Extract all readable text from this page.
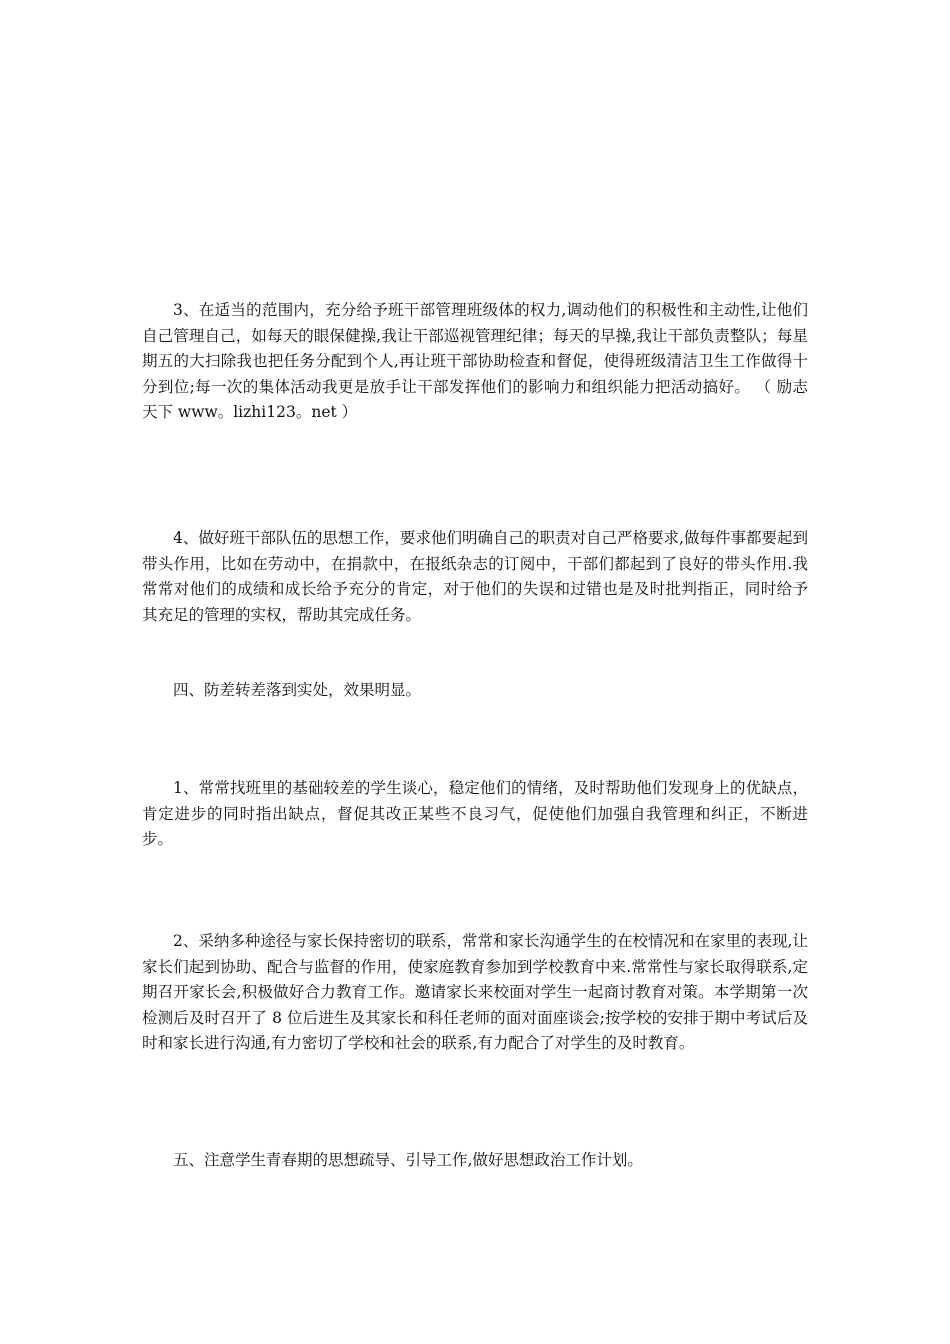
3、在适当的范围内，充分给予班干部管理班级体的权力,调动他们的积极性和主动性,让他们自己管理自己，如每天的眼保健操,我让干部巡视管理纪律；每天的早操,我让干部负责整队；每星期五的大扫除我也把任务分配到个人,再让班干部协助检查和督促，使得班级清洁卫生工作做得十分到位;每一次的集体活动我更是放手让干部发挥他们的影响力和组织能力把活动搞好。 （ 励志天下 www。lizhi123。net ）

4、做好班干部队伍的思想工作，要求他们明确自己的职责对自己严格要求,做每件事都要起到带头作用，比如在劳动中，在捐款中，在报纸杂志的订阅中，干部们都起到了良好的带头作用.我常常对他们的成绩和成长给予充分的肯定，对于他们的失误和过错也是及时批判指正，同时给予其充足的管理的实权，帮助其完成任务。

四、防差转差落到实处，效果明显。

1、常常找班里的基础较差的学生谈心，稳定他们的情绪，及时帮助他们发现身上的优缺点，肯定进步的同时指出缺点，督促其改正某些不良习气，促使他们加强自我管理和纠正，不断进步。

2、采纳多种途径与家长保持密切的联系，常常和家长沟通学生的在校情况和在家里的表现,让家长们起到协助、配合与监督的作用，使家庭教育参加到学校教育中来.常常性与家长取得联系,定期召开家长会,积极做好合力教育工作。邀请家长来校面对学生一起商讨教育对策。本学期第一次检测后及时召开了 8 位后进生及其家长和科任老师的面对面座谈会;按学校的安排于期中考试后及时和家长进行沟通,有力密切了学校和社会的联系,有力配合了对学生的及时教育。

五、注意学生青春期的思想疏导、引导工作,做好思想政治工作计划。
